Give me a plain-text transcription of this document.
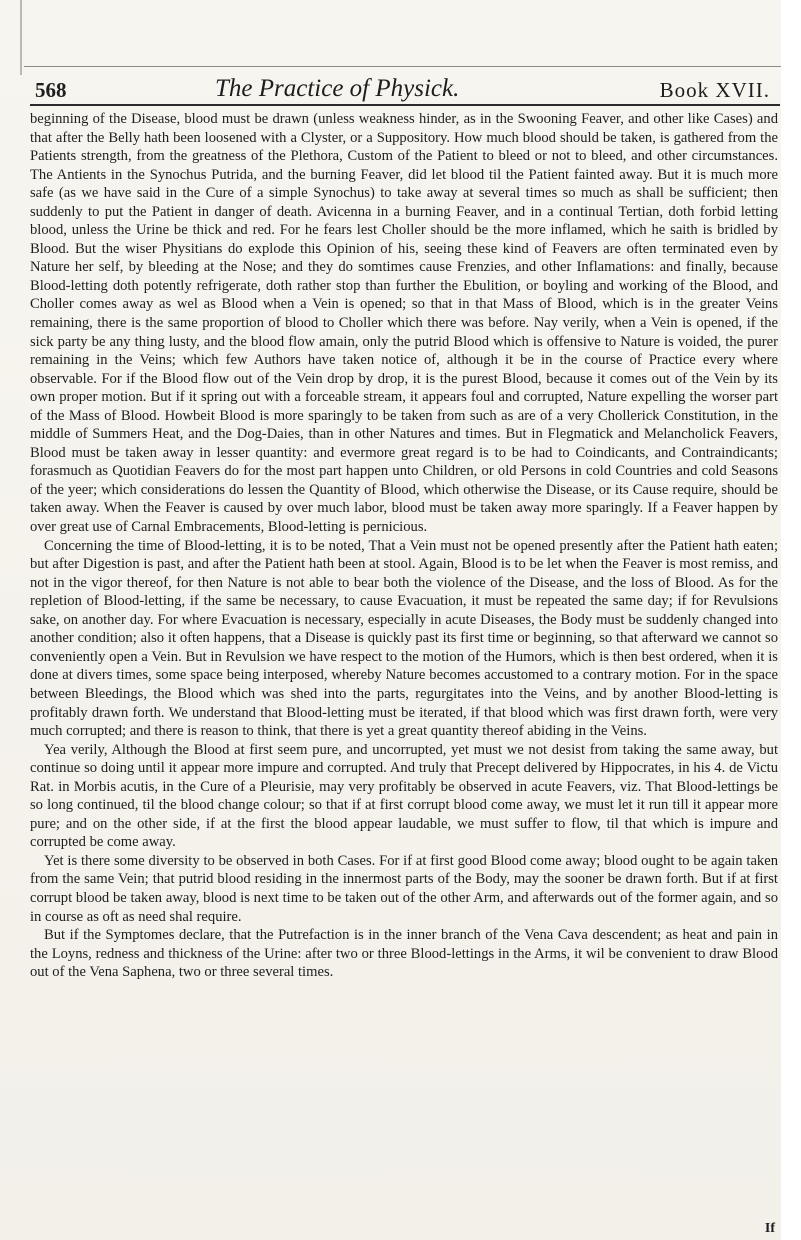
568	The Practice of Physick.	Book XVII.

beginning of the Disease, blood must be drawn (unless weakness hinder, as in the Swooning Feaver, and other like Cases) and that after the Belly hath been loosened with a Clyster, or a Suppository. How much blood should be taken, is gathered from the Patients strength, from the greatness of the Plethora, Custom of the Patient to bleed or not to bleed, and other circumstances. The Antients in the Synochus Putrida, and the burning Feaver, did let blood til the Patient fainted away. But it is much more safe (as we have said in the Cure of a simple Synochus) to take away at several times so much as shall be sufficient; then suddenly to put the Patient in danger of death. Avicenna in a burning Feaver, and in a continual Tertian, doth forbid letting blood, unless the Urine be thick and red. For he fears lest Choller should be the more inflamed, which he saith is bridled by Blood. But the wiser Physitians do explode this Opinion of his, seeing these kind of Feavers are often terminated even by Nature her self, by bleeding at the Nose; and they do somtimes cause Frenzies, and other Inflamations: and finally, because Blood-letting doth potently refrigerate, doth rather stop than further the Ebulition, or boyling and working of the Blood, and Choller comes away as wel as Blood when a Vein is opened; so that in that Mass of Blood, which is in the greater Veins remaining, there is the same proportion of blood to Choller which there was before. Nay verily, when a Vein is opened, if the sick party be any thing lusty, and the blood flow amain, only the putrid Blood which is offensive to Nature is voided, the purer remaining in the Veins; which few Authors have taken notice of, although it be in the course of Practice every where observable. For if the Blood flow out of the Vein drop by drop, it is the purest Blood, because it comes out of the Vein by its own proper motion. But if it spring out with a forceable stream, it appears foul and corrupted, Nature expelling the worser part of the Mass of Blood. Howbeit Blood is more sparingly to be taken from such as are of a very Chollerick Constitution, in the middle of Summers Heat, and the Dog-Daies, than in other Natures and times. But in Flegmatick and Melancholick Feavers, Blood must be taken away in lesser quantity: and evermore great regard is to be had to Coindicants, and Contraindicants; forasmuch as Quotidian Feavers do for the most part happen unto Children, or old Persons in cold Countries and cold Seasons of the yeer; which considerations do lessen the Quantity of Blood, which otherwise the Disease, or its Cause require, should be taken away. When the Feaver is caused by over much labor, blood must be taken away more sparingly. If a Feaver happen by over great use of Carnal Embracements, Blood-letting is pernicious.

Concerning the time of Blood-letting, it is to be noted, That a Vein must not be opened presently after the Patient hath eaten; but after Digestion is past, and after the Patient hath been at stool. Again, Blood is to be let when the Feaver is most remiss, and not in the vigor thereof, for then Nature is not able to bear both the violence of the Disease, and the loss of Blood. As for the repletion of Blood-letting, if the same be necessary, to cause Evacuation, it must be repeated the same day; if for Revulsions sake, on another day. For where Evacuation is necessary, especially in acute Diseases, the Body must be suddenly changed into another condition; also it often happens, that a Disease is quickly past its first time or beginning, so that afterward we cannot so conveniently open a Vein. But in Revulsion we have respect to the motion of the Humors, which is then best ordered, when it is done at divers times, some space being interposed, whereby Nature becomes accustomed to a contrary motion. For in the space between Bleedings, the Blood which was shed into the parts, regurgitates into the Veins, and by another Blood-letting is profitably drawn forth. We understand that Blood-letting must be iterated, if that blood which was first drawn forth, were very much corrupted; and there is reason to think, that there is yet a great quantity thereof abiding in the Veins.

Yea verily, Although the Blood at first seem pure, and uncorrupted, yet must we not desist from taking the same away, but continue so doing until it appear more impure and corrupted. And truly that Precept delivered by Hippocrates, in his 4. de Victu Rat. in Morbis acutis, in the Cure of a Pleurisie, may very profitably be observed in acute Feavers, viz. That Blood-lettings be so long continued, til the blood change colour; so that if at first corrupt blood come away, we must let it run till it appear more pure; and on the other side, if at the first the blood appear laudable, we must suffer to flow, til that which is impure and corrupted be come away.

Yet is there some diversity to be observed in both Cases. For if at first good Blood come away; blood ought to be again taken from the same Vein; that putrid blood residing in the innermost parts of the Body, may the sooner be drawn forth. But if at first corrupt blood be taken away, blood is next time to be taken out of the other Arm, and afterwards out of the former again, and so in course as oft as need shal require.

But if the Symptomes declare, that the Putrefaction is in the inner branch of the Vena Cava descendent; as heat and pain in the Loyns, redness and thickness of the Urine: after two or three Blood-lettings in the Arms, it wil be convenient to draw Blood out of the Vena Saphena, two or three several times.

If
